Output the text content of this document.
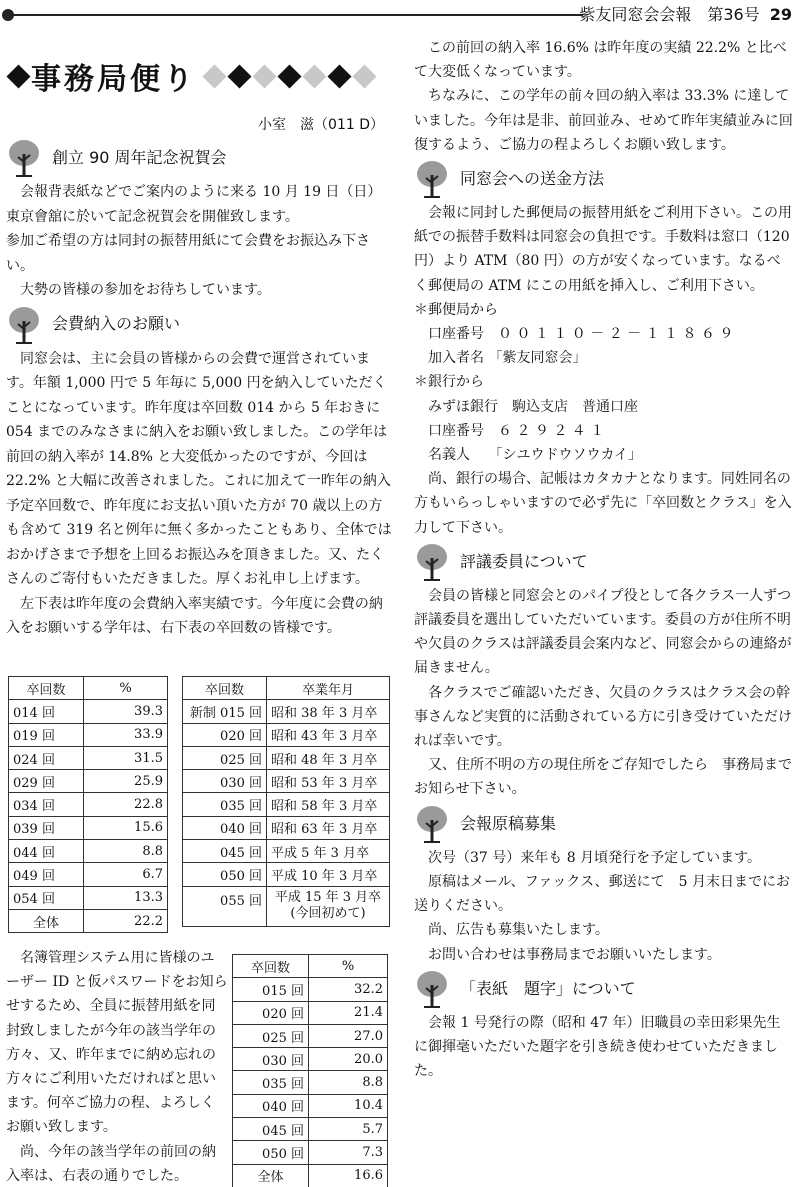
紫友同窓会会報　第36号 29
事務局便り
小室　滋（011 D）
創立 90 周年記念祝賀会

会報背表紙などでご案内のように来る 10 月 19 日（日）東京會舘に於いて記念祝賀会を開催致します。

参加ご希望の方は同封の振替用紙にて会費をお振込み下さい。

大勢の皆様の参加をお待ちしています。

会費納入のお願い

同窓会は、主に会員の皆様からの会費で運営されています。年額 1,000 円で 5 年毎に 5,000 円を納入していただくことになっています。昨年度は卒回数 014 から 5 年おきに 054 までのみなさまに納入をお願い致しました。この学年は前回の納入率が 14.8% と大変低かったのですが、今回は 22.2% と大幅に改善されました。これに加えて一昨年の納入予定卒回数で、昨年度にお支払い頂いた方が 70 歳以上の方も含めて 319 名と例年に無く多かったこともあり、全体ではおかげさまで予想を上回るお振込みを頂きました。又、たくさんのご寄付もいただきました。厚くお礼申し上げます。

左下表は昨年度の会費納入率実績です。今年度に会費の納入をお願いする学年は、右下表の卒回数の皆様です。

卒回数	%
014 回	39.3
019 回	33.9
024 回	31.5
029 回	25.9
034 回	22.8
039 回	15.6
044 回	8.8
049 回	6.7
054 回	13.3
全体	22.2
卒回数	卒業年月
新制 015 回	昭和 38 年 3 月卒
020 回	昭和 43 年 3 月卒
025 回	昭和 48 年 3 月卒
030 回	昭和 53 年 3 月卒
035 回	昭和 58 年 3 月卒
040 回	昭和 63 年 3 月卒
045 回	平成 5 年 3 月卒
050 回	平成 10 年 3 月卒
055 回	平成 15 年 3 月卒
(今回初めて)

名簿管理システム用に皆様のユーザー ID と仮パスワードをお知らせするため、全員に振替用紙を同封致しましたが今年の該当学年の方々、又、昨年までに納め忘れの方々にご利用いただければと思います。何卒ご協力の程、よろしくお願い致します。

尚、今年の該当学年の前回の納入率は、右表の通りでした。

卒回数	%
015 回	32.2
020 回	21.4
025 回	27.0
030 回	20.0
035 回	8.8
040 回	10.4
045 回	5.7
050 回	7.3
全体	16.6

この前回の納入率 16.6% は昨年度の実績 22.2% と比べて大変低くなっています。

ちなみに、この学年の前々回の納入率は 33.3% に達していました。今年は是非、前回並み、せめて昨年実績並みに回復するよう、ご協力の程よろしくお願い致します。

同窓会への送金方法

会報に同封した郵便局の振替用紙をご利用下さい。この用紙での振替手数料は同窓会の負担です。手数料は窓口（120 円）より ATM（80 円）の方が安くなっています。なるべく郵便局の ATM にこの用紙を挿入し、ご利用下さい。

＊郵便局から

口座番号　０ ０ １ １ ０ － ２ － １ １ ８ ６ ９

加入者名 「紫友同窓会」

＊銀行から

みずほ銀行　駒込支店　普通口座

口座番号　６ ２ ９ ２ ４ １

名義人　 「シユウドウソウカイ」

尚、銀行の場合、記帳はカタカナとなります。同姓同名の方もいらっしゃいますので必ず先に「卒回数とクラス」を入力して下さい。

評議委員について

会員の皆様と同窓会とのパイプ役として各クラス一人ずつ評議委員を選出していただいています。委員の方が住所不明や欠員のクラスは評議委員会案内など、同窓会からの連絡が届きません。

各クラスでご確認いただき、欠員のクラスはクラス会の幹事さんなど実質的に活動されている方に引き受けていただければ幸いです。

又、住所不明の方の現住所をご存知でしたら　事務局までお知らせ下さい。

会報原稿募集

次号（37 号）来年も 8 月頃発行を予定しています。

原稿はメール、ファックス、郵送にて　5 月末日までにお送りください。

尚、広告も募集いたします。

お問い合わせは事務局までお願いいたします。

「表紙　題字」について

会報 1 号発行の際（昭和 47 年）旧職員の幸田彩果先生に御揮毫いただいた題字を引き続き使わせていただきました。
